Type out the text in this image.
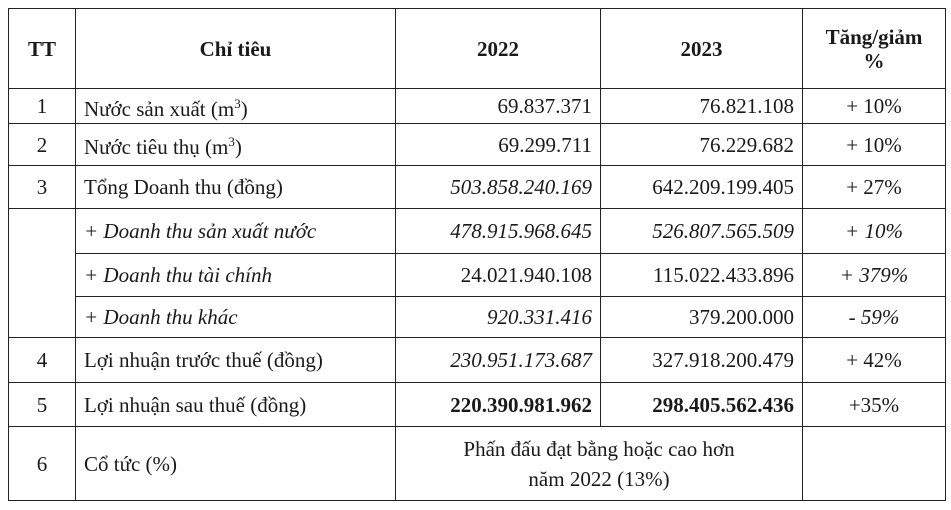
TT	Chỉ tiêu	2022	2023	Tăng/giảm
%
1	Nước sản xuất $(m^3)$	69.837.371	76.821.108	+ 10%
2	Nước tiêu thụ $(m^3)$	69.299.711	76.229.682	+ 10%
3	Tổng Doanh thu (đồng)	503.858.240.169	642.209.199.405	+ 27%
	+ Doanh thu sản xuất nước	478.915.968.645	526.807.565.509	+ 10%
	+ Doanh thu tài chính	24.021.940.108	115.022.433.896	+ 379%
	+ Doanh thu khác	920.331.416	379.200.000	- 59%
4	Lợi nhuận trước thuế (đồng)	230.951.173.687	327.918.200.479	+ 42%
5	Lợi nhuận sau thuế (đồng)	220.390.981.962	298.405.562.436	+35%
6	Cổ tức (%)	Phấn đấu đạt bằng hoặc cao hơn
năm 2022 (13%)		
